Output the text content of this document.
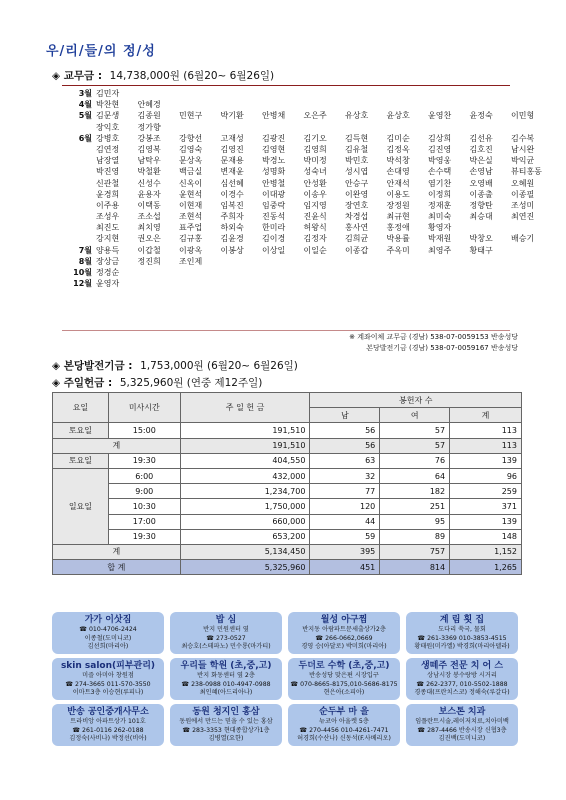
우/리/들/의 정/성
◈ 교무금 : 14,738,000원 (6월20~ 6월26일)
3월 김민자
4월 박찬현	안혜경
5월 김문생	김종원	민현구	박기환	안병채	오은주	유상호	윤상호	윤영찬	윤정숙	이민형
장익호	정가향
6월 강병호	강봉조	강향선	고재성	김광진	김기오	김득현	김미순	김상희	김선유	김수복
김연정	김영복	김영숙	김영진	김영현	김영희	김유철	김정옥	김진영	김호진	남시완
남장열	남탁우	문상옥	문재용	박경노	박미정	박민호	박석창	박영웅	박은실	박익균
박진영	박철환	백금실	변재윤	성명화	성숙녀	성시엽	손대영	손수택	손영남	뷰티홍동
신관철	신성수	신옥이	심선혜	안병철	안성환	안승구	안재석	염기찬	오영배	오혜원
윤경희	윤용자	윤현석	이경수	이대광	이송우	이완영	이용도	이정희	이종출	이종필
이주용	이택동	이현재	임복진	임중락	임지영	장연호	장정원	정재훈	정향탄	조성미
조성우	조소섭	조현석	주희자	진동석	진윤식	차경섭	최규현	최미숙	최승대	최연진
최진도	최치영	표주업	하외숙	한미라	허왕식	홍사연	홍정애	황영자
강지현	권오은	김규홍	김윤경	김이경	김정자	김희균	박용률	박재원	박창오	배승기
7월 양용득	이갑철	이광옥	이봉상	이상일	이일순	이종갑	주옥미	최영주	황태구
8월 장상금	정진희	조인제
10월 정경순
12월 윤영자
※ 계좌이체 교무금 (경남) 538-07-0059153 반송성당
본당발전기금 (경남) 538-07-0059167 반송성당
◈ 본당발전기금 : 1,753,000원 (6월20~ 6월26일)
◈ 주일헌금 : 5,325,960원 (연중 제12주일)
요일	미사시간	주 일 헌 금	봉헌자 수		
			남	여	계
토요일	15:00	191,510	56	57	113
계		191,510	56	57	113
토요일	19:30	404,550	63	76	139
일요일	6:00	432,000	32	64	96
	9:00	1,234,700	77	182	259
	10:30	1,750,000	120	251	371
	17:00	660,000	44	95	139
	19:30	653,200	59	89	148
계		5,134,450	395	757	1,152
합 계		5,325,960	451	814	1,265
가가 이삿짐
☎ 010-4706-2424
이종철(도미니코)
김선희(마리아)
밥 심
반지 민원센터 옆
☎ 273-0527
최승호(스테파노) 민수룡(마가티)
월성 아구찜
반지동 아람파트문세출상가2층
☎ 266-0662,0669
경영 승(아달로) 박미희(마리아)
계 림 횟 집
도다리 쑥국, 물회
☎ 261-3369 010-3853-4515
황태원(미카엘) 박경희(마리아델라)
skin salon(피부관리)
미즐 아미아 창원점
☎ 274-3665 011-570-3550
이마트3층 이승현(루피나)
우리들 학원 (초,중,고)
반지 화동센터 옆 2층
☎ 238-0988 010-4947-0988
최인혜(아드리아나)
두더로 수학 (초,중,고)
반송성당 맞은편 시장입구
☎ 070-8665-8175,010-5686-8175
현은아(소피아)
생떼주 전문 치 어 스
상남시장 봉수랑방 시거리
☎ 262-2377, 010-5502-1888
경종대(프란치스코) 정해숙(루갈다)
반송 공인중개사무소
트라비앙 아파트상가 101호
☎ 261-0116 262-0188
김정숙(사비나) 박정선(비아)
동원 청지인 홍삼
동원에서 만드는 믿을 수 있는 홍삼
☎ 283-3353 현대종합상가1층
김병열(요한)
순두부 마 을
뉴코아 아울렛 5층
☎ 270-4456 010-4261-7471
허경희(수산나) 신동석(F.사베리오)
보스톤 치과
임플란트시술,레이저치료,치아미백
☎ 287-4466 반송시장 신협3층
김진백(도미니코)
